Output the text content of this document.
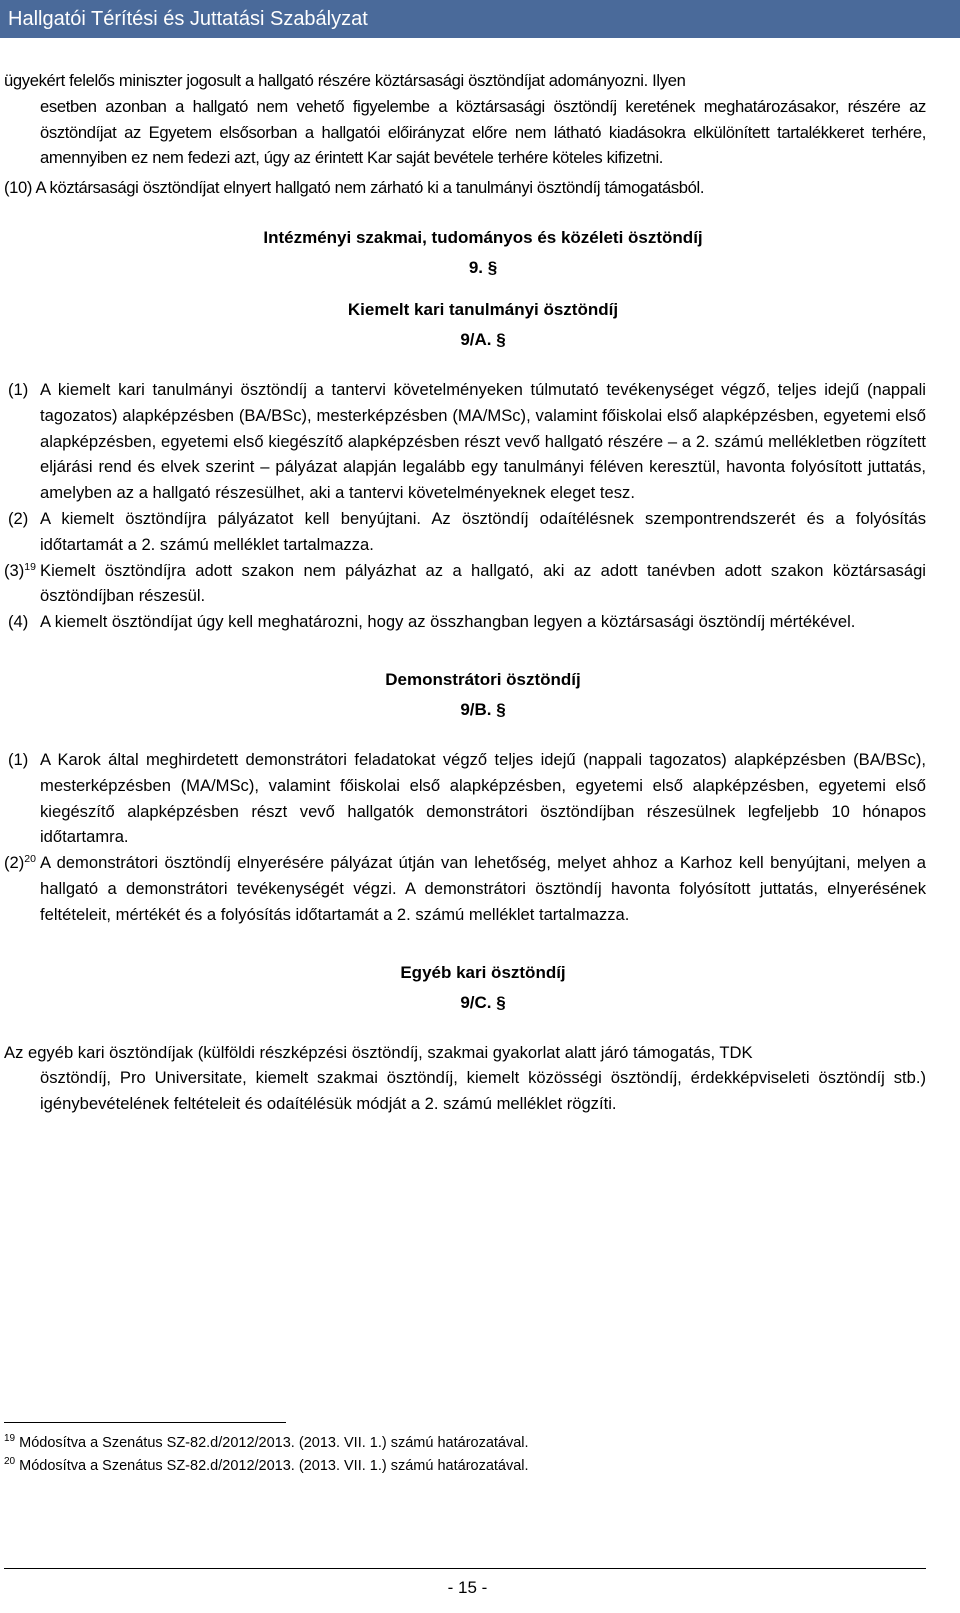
Hallgatói Térítési és Juttatási Szabályzat

ügyekért felelős miniszter jogosult a hallgató részére köztársasági ösztöndíjat adományozni. Ilyen

esetben azonban a hallgató nem vehető figyelembe a köztársasági ösztöndíj keretének meghatározásakor, részére az ösztöndíjat az Egyetem elsősorban a hallgatói előirányzat előre nem látható kiadásokra elkülönített tartalékkeret terhére, amennyiben ez nem fedezi azt, úgy az érintett Kar saját bevétele terhére köteles kifizetni.

(10) A köztársasági ösztöndíjat elnyert hallgató nem zárható ki a tanulmányi ösztöndíj támogatásból.

Intézményi szakmai, tudományos és közéleti ösztöndíj

9. §

Kiemelt kari tanulmányi ösztöndíj

9/A. §

(1) A kiemelt kari tanulmányi ösztöndíj a tantervi követelményeken túlmutató tevékenységet végző, teljes idejű (nappali tagozatos) alapképzésben (BA/BSc), mesterképzésben (MA/MSc), valamint főiskolai első alapképzésben, egyetemi első alapképzésben, egyetemi első kiegészítő alapképzésben részt vevő hallgató részére – a 2. számú mellékletben rögzített eljárási rend és elvek szerint – pályázat alapján legalább egy tanulmányi féléven keresztül, havonta folyósított juttatás, amelyben az a hallgató részesülhet, aki a tantervi követelményeknek eleget tesz.

(2) A kiemelt ösztöndíjra pályázatot kell benyújtani. Az ösztöndíj odaítélésnek szempontrendszerét és a folyósítás időtartamát a 2. számú melléklet tartalmazza.

$(3)^{19}$ Kiemelt ösztöndíjra adott szakon nem pályázhat az a hallgató, aki az adott tanévben adott szakon köztársasági ösztöndíjban részesül.

(4) A kiemelt ösztöndíjat úgy kell meghatározni, hogy az összhangban legyen a köztársasági ösztöndíj mértékével.

Demonstrátori ösztöndíj

9/B. §

(1) A Karok által meghirdetett demonstrátori feladatokat végző teljes idejű (nappali tagozatos) alapképzésben (BA/BSc), mesterképzésben (MA/MSc), valamint főiskolai első alapképzésben, egyetemi első alapképzésben, egyetemi első kiegészítő alapképzésben részt vevő hallgatók demonstrátori ösztöndíjban részesülnek legfeljebb 10 hónapos időtartamra.

$(2)^{20}$ A demonstrátori ösztöndíj elnyerésére pályázat útján van lehetőség, melyet ahhoz a Karhoz kell benyújtani, melyen a hallgató a demonstrátori tevékenységét végzi. A demonstrátori ösztöndíj havonta folyósított juttatás, elnyerésének feltételeit, mértékét és a folyósítás időtartamát a 2. számú melléklet tartalmazza.

Egyéb kari ösztöndíj

9/C. §

Az egyéb kari ösztöndíjak (külföldi részképzési ösztöndíj, szakmai gyakorlat alatt járó támogatás, TDK

ösztöndíj, Pro Universitate, kiemelt szakmai ösztöndíj, kiemelt közösségi ösztöndíj, érdekképviseleti ösztöndíj stb.) igénybevételének feltételeit és odaítélésük módját a 2. számú melléklet rögzíti.

$^{19}$ Módosítva a Szenátus SZ-82.d/2012/2013. (2013. VII. 1.) számú határozatával.

$^{20}$ Módosítva a Szenátus SZ-82.d/2012/2013. (2013. VII. 1.) számú határozatával.

- 15 -
